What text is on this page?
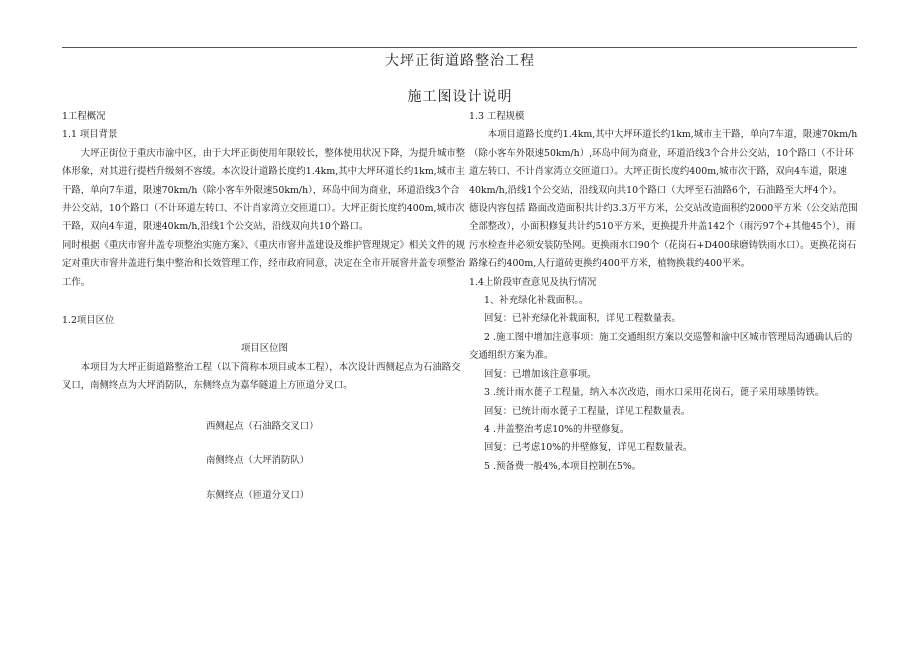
大坪正街道路整治工程
施工图设计说明

1工程概况

1.1 项目背景

大坪正街位于重庆市渝中区，由于大坪正街使用年限较长，整体使用状况下降，为提升城市整体形象，对其进行提档升级刻不容缓。本次设计道路长度约1.4km,其中大坪环道长约1km,城市主干路，单向7车道，限速70km/h（除小客车外限速50km/h），环岛中间为商业，环道沿线3个合井公交站，10个路口（不计环道左转口、不计肖家湾立交匝道口）。大坪正街长度约400m,城市次干路，双向4车道，限速40km/h,沿线1个公交站，沿线双向共10个路口。

同时根据《重庆市窨井盖专项整治实施方案》、《重庆市窨井盖建设及维护管理规定》相关文件的规定对重庆市窨井盖进行集中整治和长效管理工作，经市政府同意，决定在全市开展窨井盖专项整治工作。

1.2项目区位

项目区位图

本项目为大坪正街道路整治工程（以下简称本项目或本工程），本次设计西侧起点为石油路交叉口，南侧终点为大坪消防队，东侧终点为嘉华隧道上方匝道分叉口。

西侧起点（石油路交叉口）

南侧终点（大坪消防队）

东侧终点（匝道分叉口）

1.3 工程规模

本项目道路长度约1.4km,其中大坪环道长约1km,城市主干路，单向7车道，限速70km/h（除小客车外限速50km/h）,环岛中间为商业，环道沿线3个合井公交站，10个路口（不计环道左转口、不计肖家湾立交匝道口）。大坪正街长度约400m,城市次干路，双向4车道，限速40km/h,沿线1个公交站，沿线双向共10个路口（大坪至石油路6个，石油路至大坪4个）。

德设内容包括 路面改造面积共计约3.3万平方米，公交站改造面积约2000平方米（公交站范围全部整改），小面积修复共计约510平方米，更换提升井盖142个（雨污97个+其他45个），雨污水检查井必须安装防坠网。更换雨水口90个（花岗石+D400球磨铸铁雨水口）。更换花岗石路缘石约400m,人行道砖更换约400平方米，植物换栽约400平米。

1.4上阶段审查意见及执行情况

1、补充绿化补栽面积。。

回复：已补充绿化补栽面积，详见工程数量表。

2 .施工图中增加注意事项：施工交通组织方案以交巡警和渝中区城市管理局沟通确认后的交通组织方案为准。

回复：已增加该注意事项。

3 .统计雨水蓖子工程量，纳入本次改造，雨水口采用花岗石，蓖子采用球墨铸铁。

回复：已统计雨水蓖子工程量，详见工程数量表。

4 .井盖整治考虑10%的井壁修复。

回复：已考虑10%的井壁修复，详见工程数量表。

5 .预备费一般4%,本项目控制在5%。
